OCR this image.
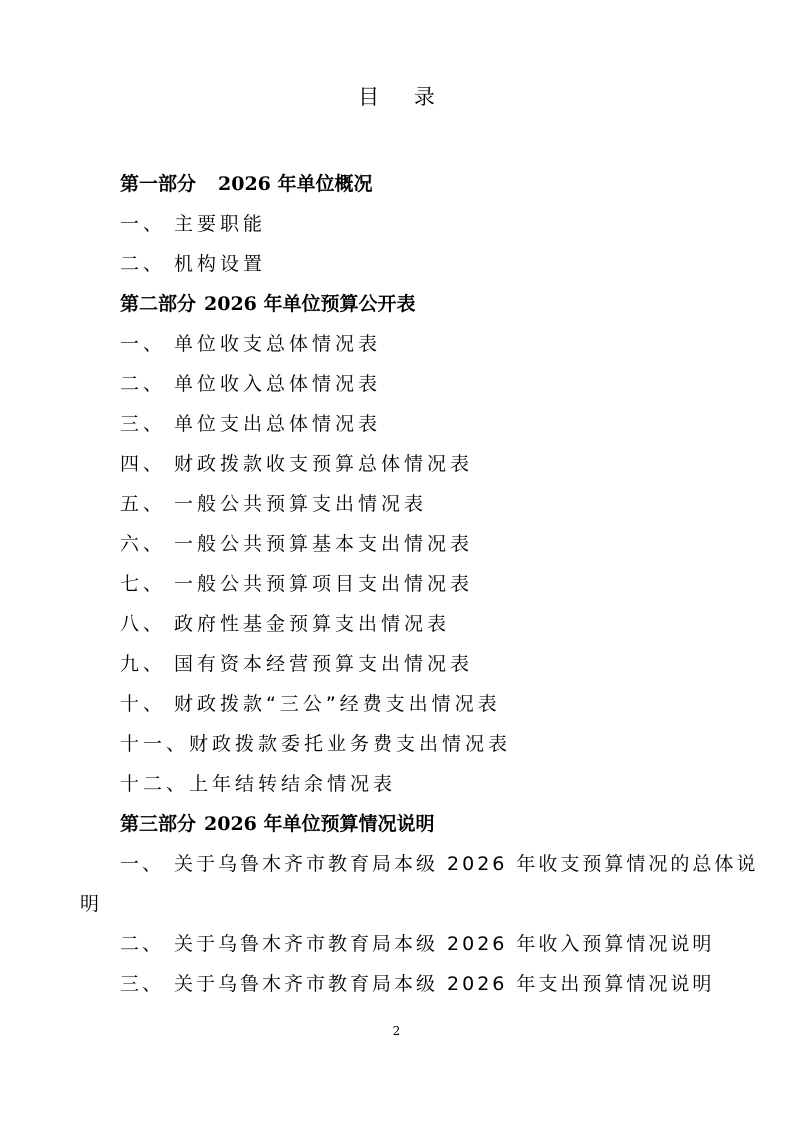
目 录
第一部分 2026 年单位概况
一、 主要职能
二、 机构设置
第二部分 2026 年单位预算公开表
一、 单位收支总体情况表
二、 单位收入总体情况表
三、 单位支出总体情况表
四、 财政拨款收支预算总体情况表
五、 一般公共预算支出情况表
六、 一般公共预算基本支出情况表
七、 一般公共预算项目支出情况表
八、 政府性基金预算支出情况表
九、 国有资本经营预算支出情况表
十、 财政拨款“三公”经费支出情况表
十一、财政拨款委托业务费支出情况表
十二、上年结转结余情况表
第三部分 2026 年单位预算情况说明
一、 关于乌鲁木齐市教育局本级 2026 年收支预算情况的总体说
二、 关于乌鲁木齐市教育局本级 2026 年收入预算情况说明
三、 关于乌鲁木齐市教育局本级 2026 年支出预算情况说明
明
2
